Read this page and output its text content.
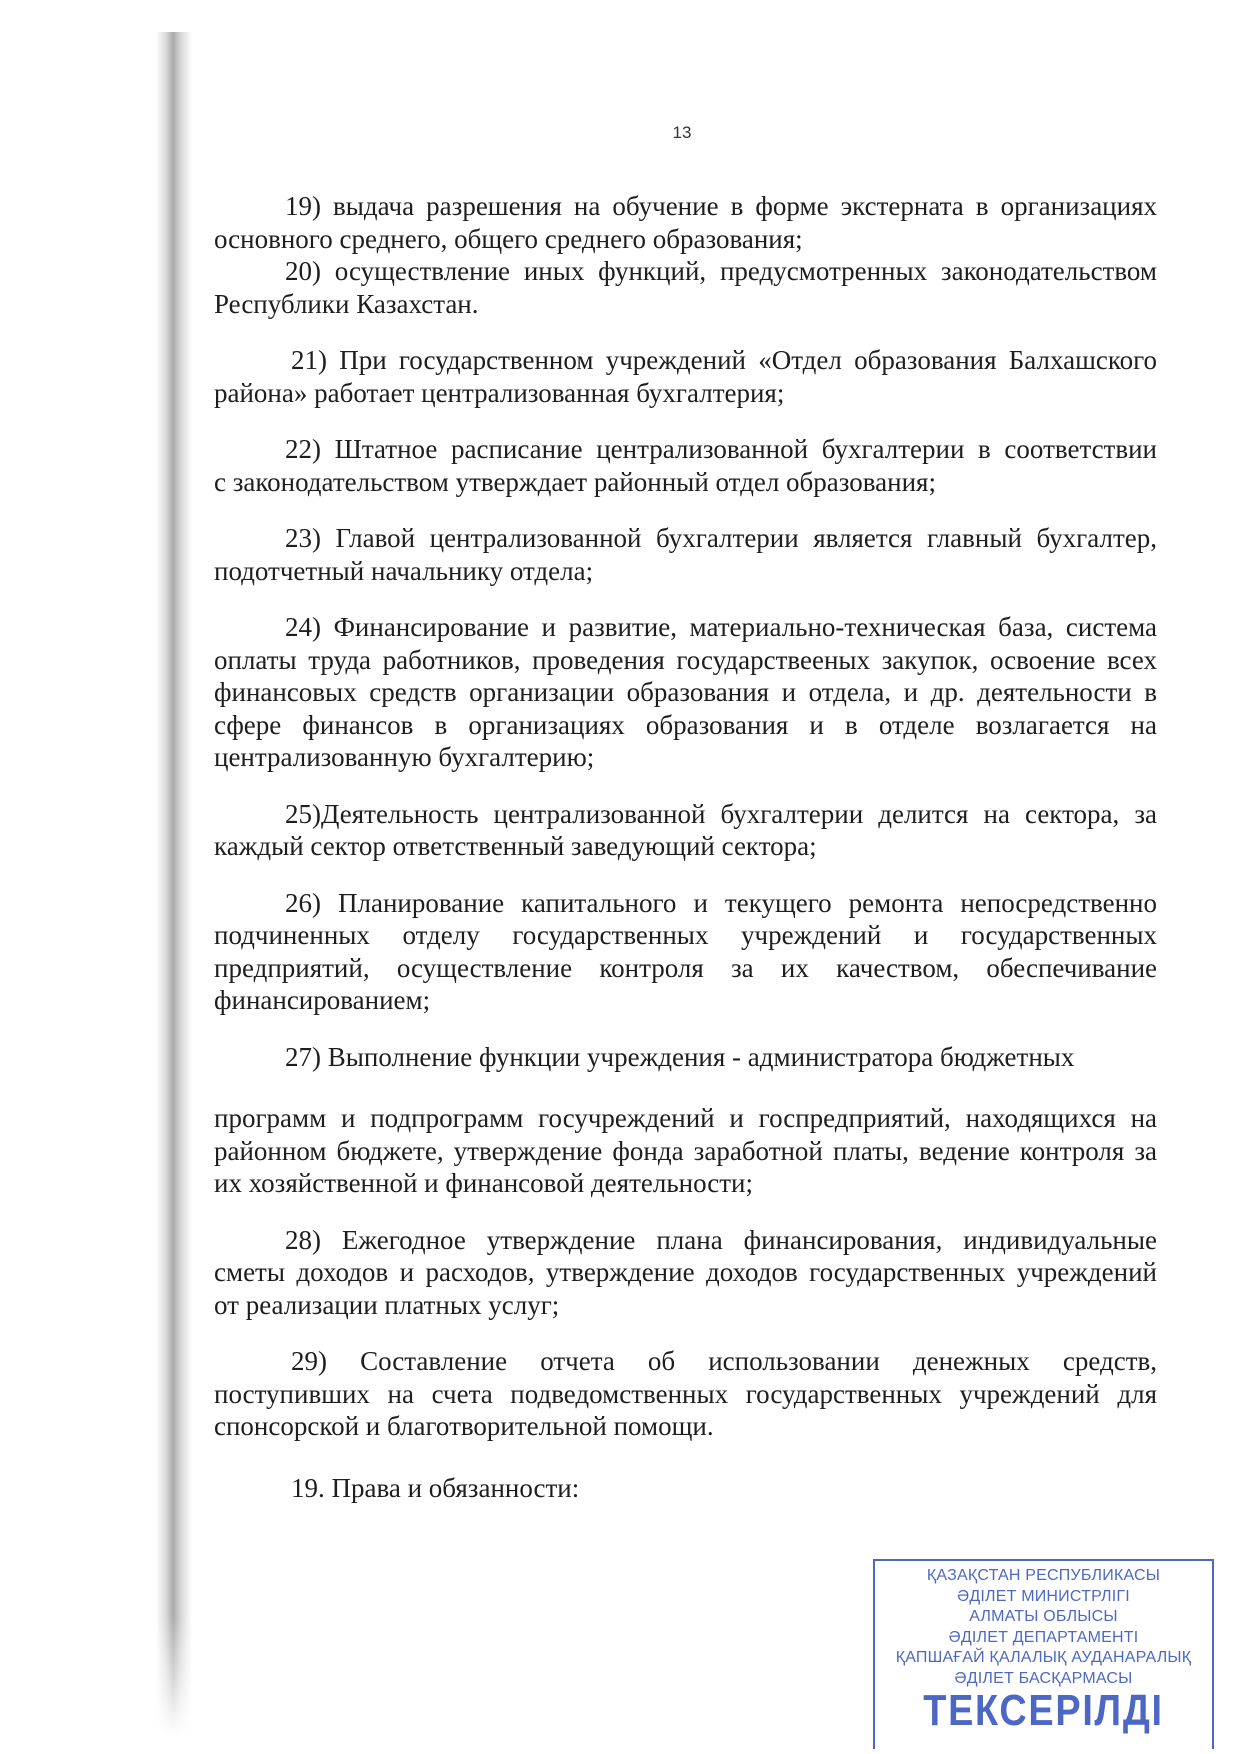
13
19) выдача разрешения на обучение в форме экстерната в организациях
основного среднего, общего среднего образования;
20) осуществление иных функций, предусмотренных законодательством
Республики Казахстан.
21) При государственном учреждений «Отдел образования Балхашского
района» работает централизованная бухгалтерия;
22) Штатное расписание централизованной бухгалтерии в соответствии
с законодательством утверждает районный отдел образования;
23) Главой централизованной бухгалтерии является главный бухгалтер,
подотчетный начальнику отдела;
24) Финансирование и развитие, материально-техническая база, система
оплаты труда работников, проведения государствееных закупок, освоение всех
финансовых средств организации образования и отдела, и др. деятельности в
сфере финансов в организациях образования и в отделе возлагается на
централизованную бухгалтерию;
25)Деятельность централизованной бухгалтерии делится на сектора, за
каждый сектор ответственный заведующий сектора;
26) Планирование капитального и текущего ремонта непосредственно
подчиненных отделу государственных учреждений и государственных
предприятий, осуществление контроля за их качеством, обеспечивание
финансированием;
27) Выполнение функции учреждения - администратора бюджетных
программ и подпрограмм госучреждений и госпредприятий, находящихся на
районном бюджете, утверждение фонда заработной платы, ведение контроля за
их хозяйственной и финансовой деятельности;
28) Ежегодное утверждение плана финансирования, индивидуальные
сметы доходов и расходов, утверждение доходов государственных учреждений
от реализации платных услуг;
29) Составление отчета об использовании денежных средств,
поступивших на счета подведомственных государственных учреждений для
спонсорской и благотворительной помощи.
19. Права и обязанности:
ҚАЗАҚСТАН РЕСПУБЛИКАСЫ
ӘДІЛЕТ МИНИСТРЛІГІ
АЛМАТЫ ОБЛЫСЫ
ӘДІЛЕТ ДЕПАРТАМЕНТІ
ҚАПШАҒАЙ ҚАЛАЛЫҚ АУДАНАРАЛЫҚ
ӘДІЛЕТ БАСҚАРМАСЫ
ТЕКСЕРІЛДІ
